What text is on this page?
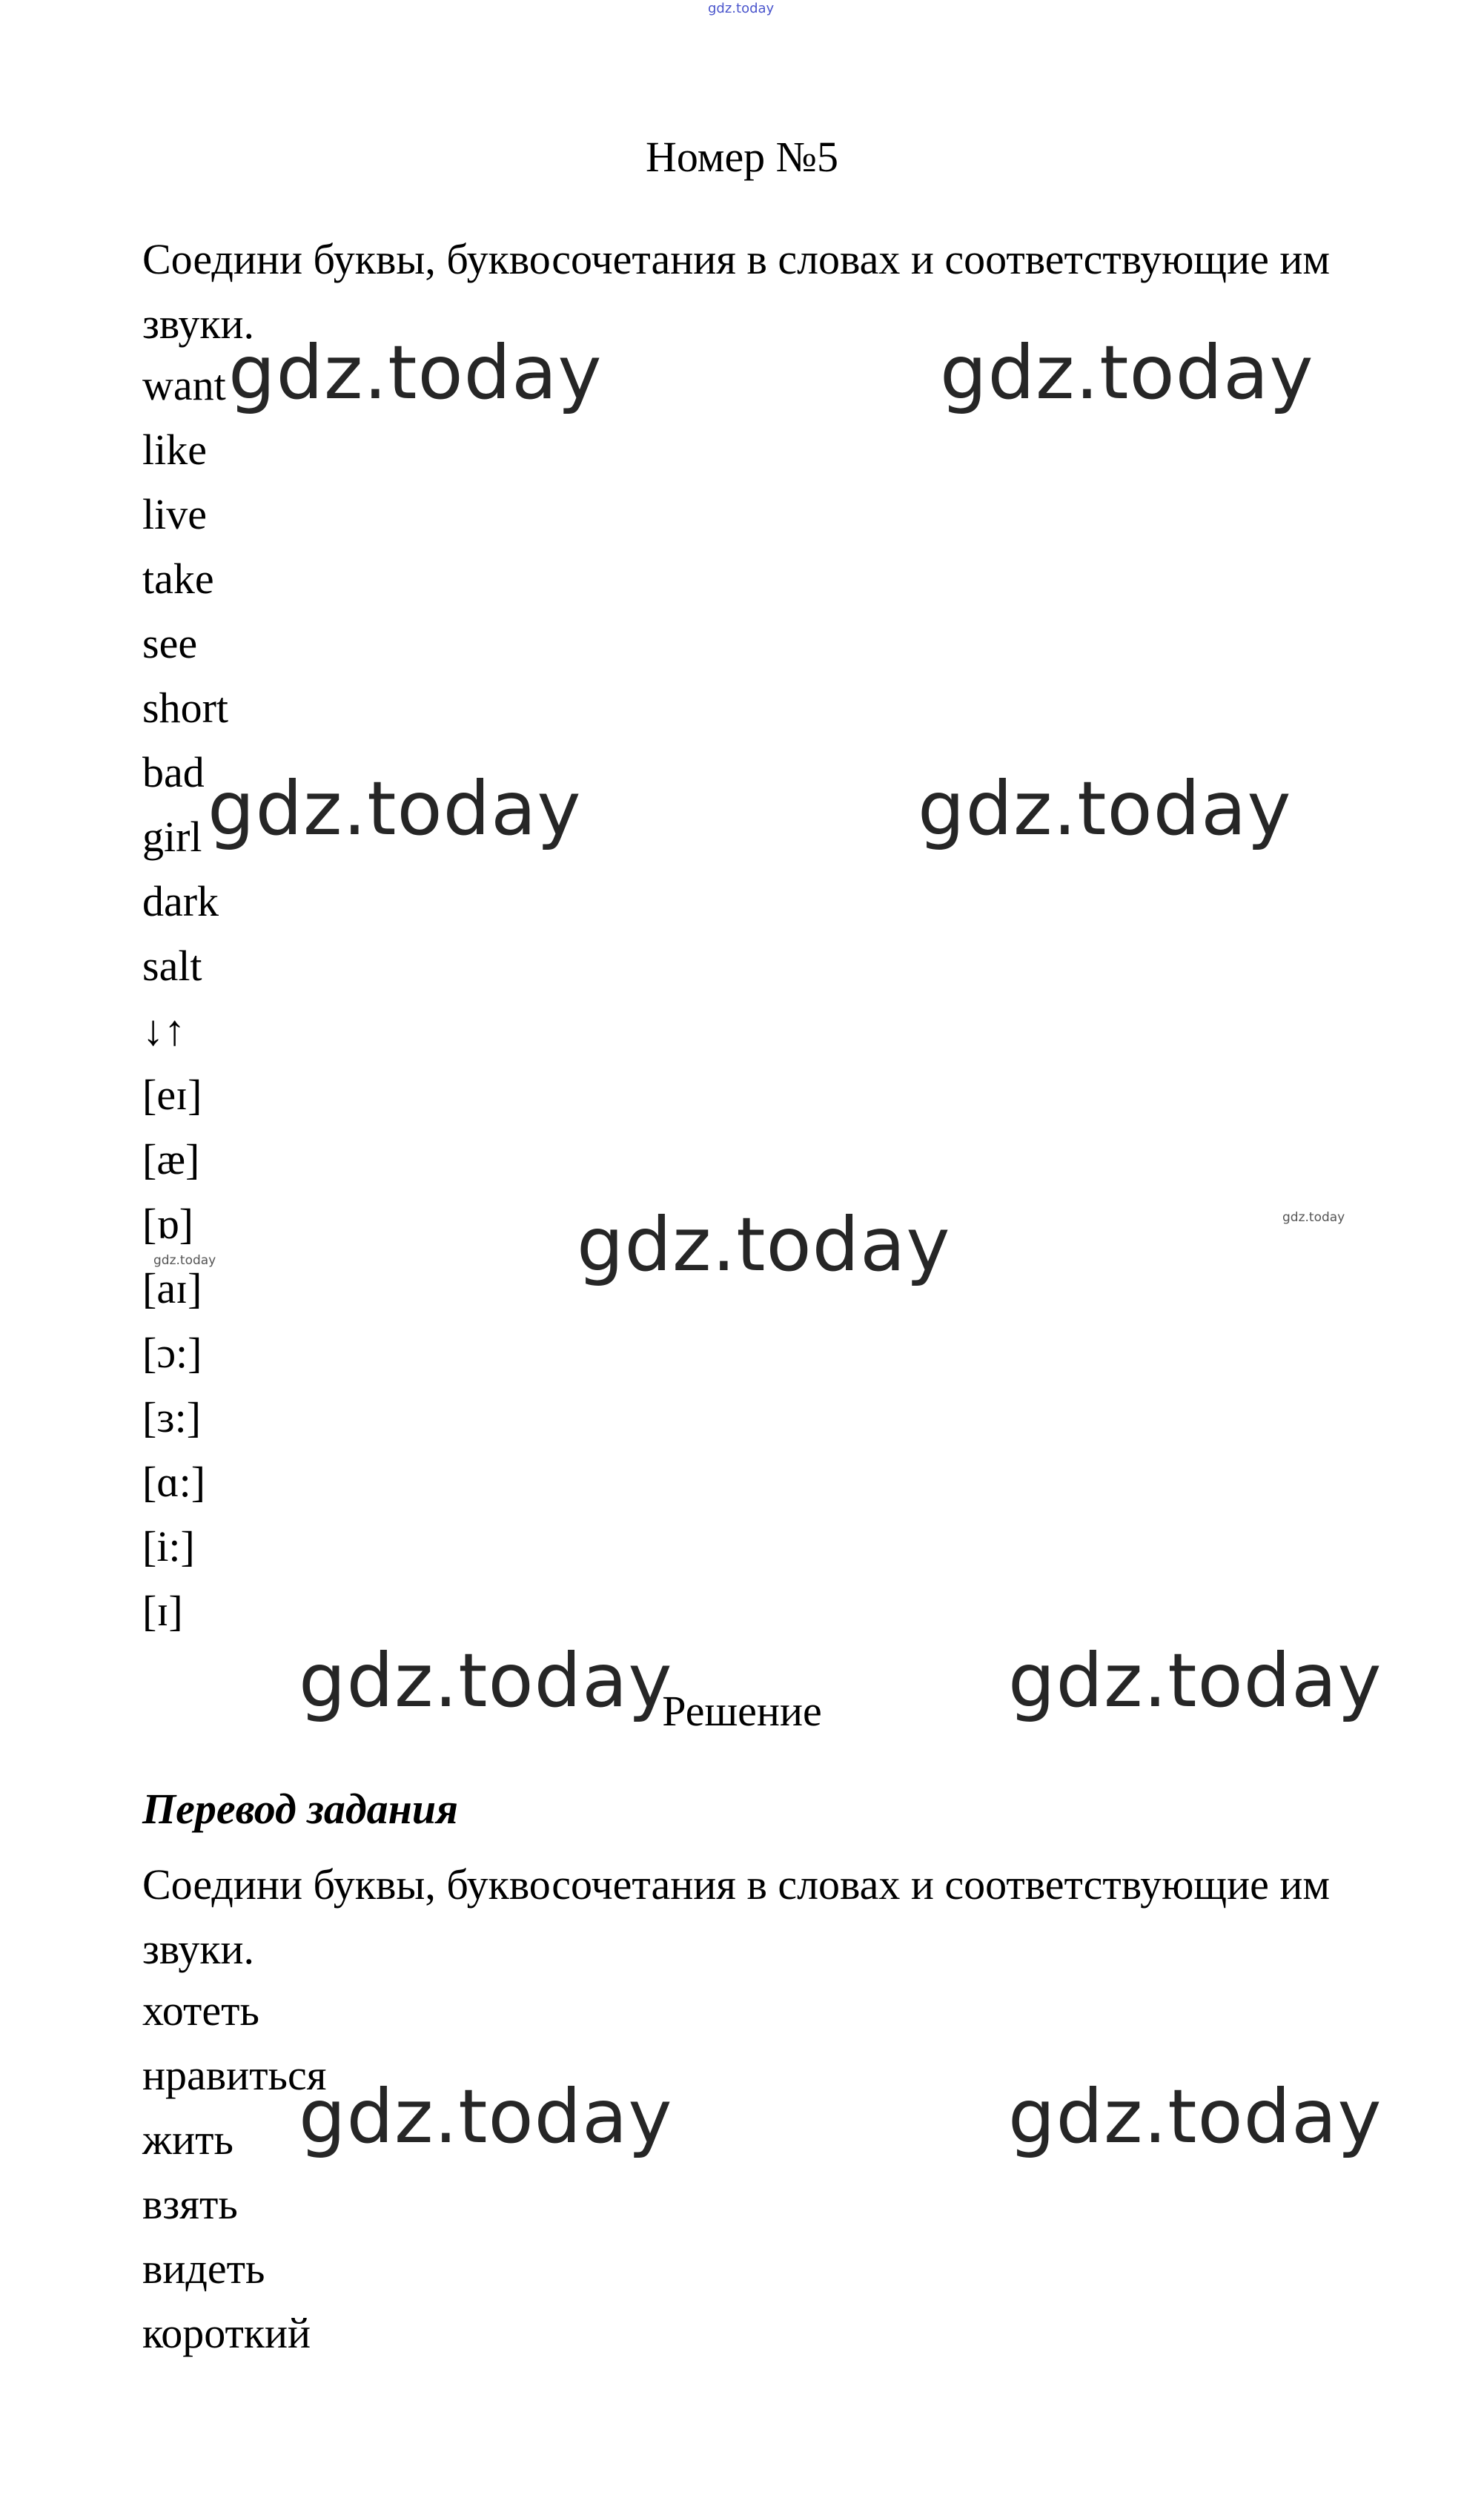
gdz.today
Номер №5

Соедини буквы, буквосочетания в словах и соответствующие им звуки.

want
like
live
take
see
short
bad
girl
dark
salt
↓↑
[eɪ]
[æ]
[ɒ]
[aɪ]
[ɔ:]
[ɜ:]
[ɑ:]
[i:]
[ɪ]
Решение
Перевод задания

Соедини буквы, буквосочетания в словах и соответствующие им звуки.

хотеть
нравиться
жить
взять
видеть
короткий
gdz.today	gdz.today
gdz.today	gdz.today
gdz.today
gdz.today	gdz.today
gdz.today	gdz.today
gdz.today
gdz.today
